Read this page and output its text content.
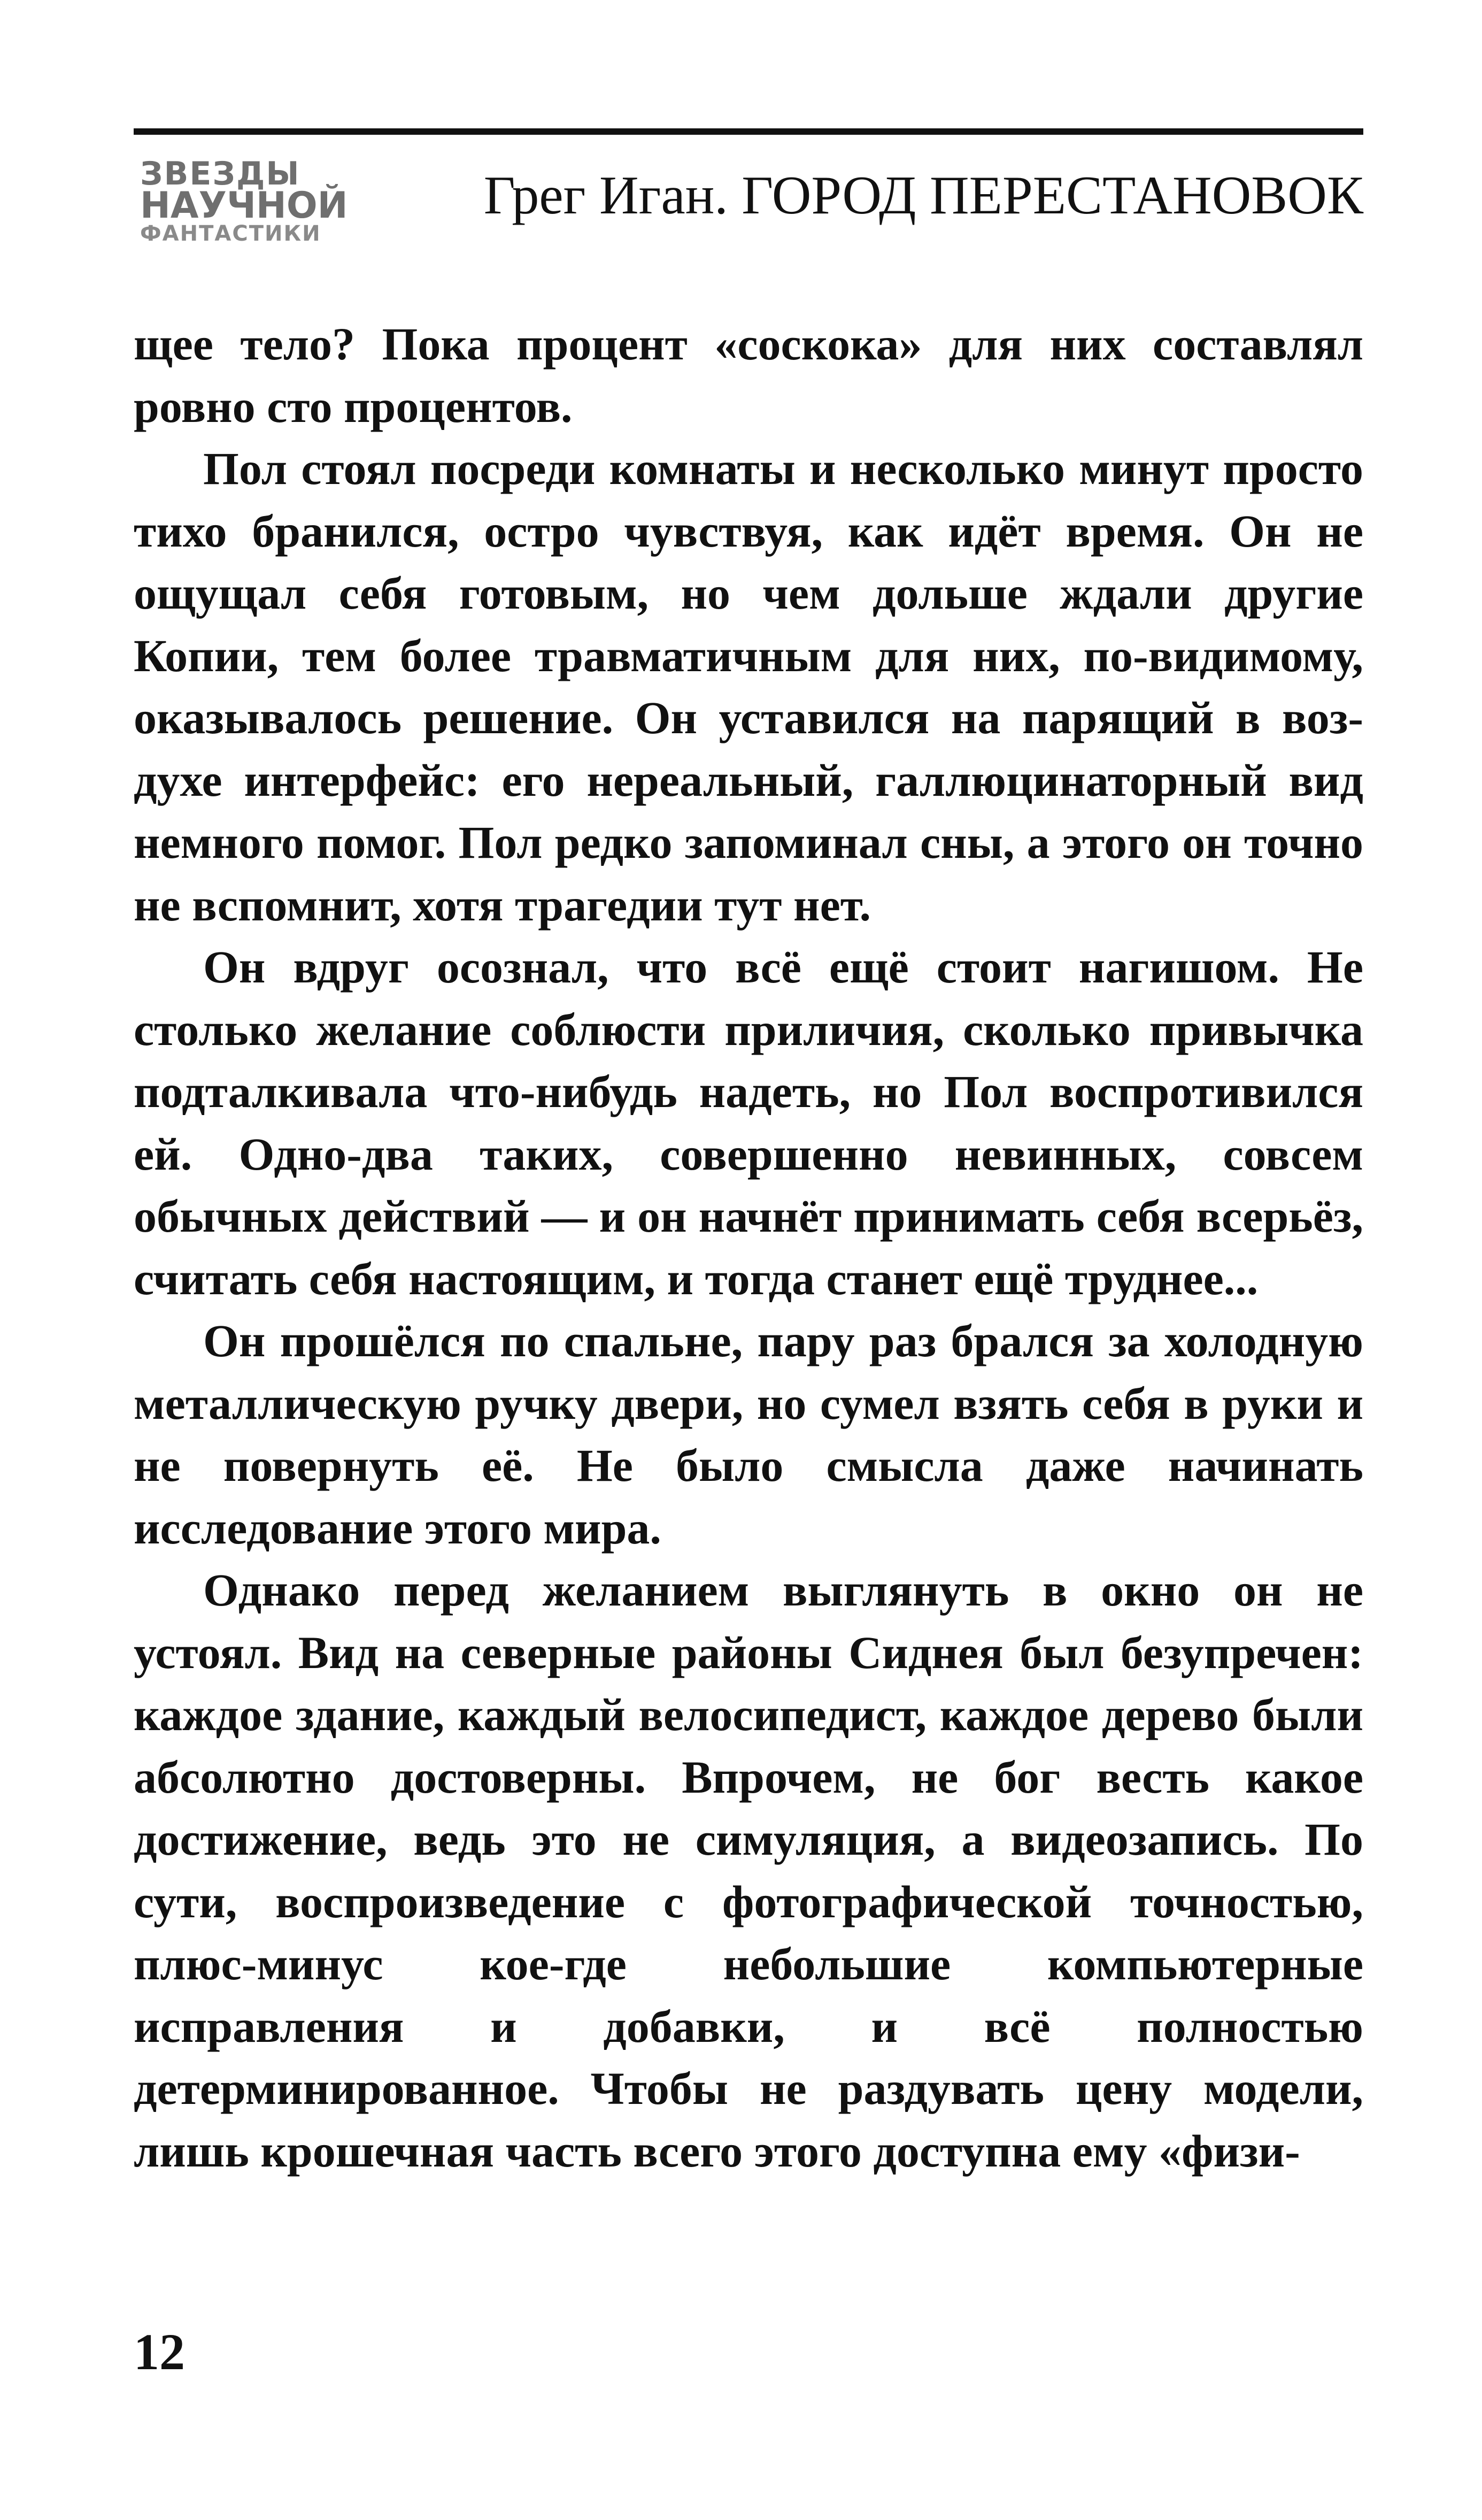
ЗВЕЗДЫ
НАУЧНОЙ
ФАНТАСТИКИ
Грег Иган. ГОРОД ПЕРЕСТАНОВОК

щее тело? Пока процент «соскока» для них составлял ровно сто процентов.

Пол стоял посреди комнаты и несколько минут просто тихо бранился, остро чувствуя, как идёт время. Он не ощущал себя готовым, но чем дольше ждали другие Копии, тем более травматичным для них, по-видимому, оказывалось решение. Он уставился на парящий в воздухе интерфейс: его нереальный, галлюцинаторный вид немного помог. Пол редко запоминал сны, а этого он точно не вспомнит, хотя трагедии тут нет.

Он вдруг осознал, что всё ещё стоит нагишом. Не столько желание соблюсти приличия, сколько привычка подталкивала что-нибудь надеть, но Пол воспротивился ей. Одно-два таких, совершенно невинных, совсем обычных действий — и он начнёт принимать себя всерьёз, считать себя настоящим, и тогда станет ещё труднее...

Он прошёлся по спальне, пару раз брался за холодную металлическую ручку двери, но сумел взять себя в руки и не повернуть её. Не было смысла даже начинать исследование этого мира.

Однако перед желанием выглянуть в окно он не устоял. Вид на северные районы Сиднея был безупречен: каждое здание, каждый велосипедист, каждое дерево были абсолютно достоверны. Впрочем, не бог весть какое достижение, ведь это не симуляция, а видеозапись. По сути, воспроизведение с фотографической точностью, плюс-минус кое-где небольшие компьютерные исправления и добавки, и всё полностью детерминированное. Чтобы не раздувать цену модели, лишь крошечная часть всего этого доступна ему «физи-

12
